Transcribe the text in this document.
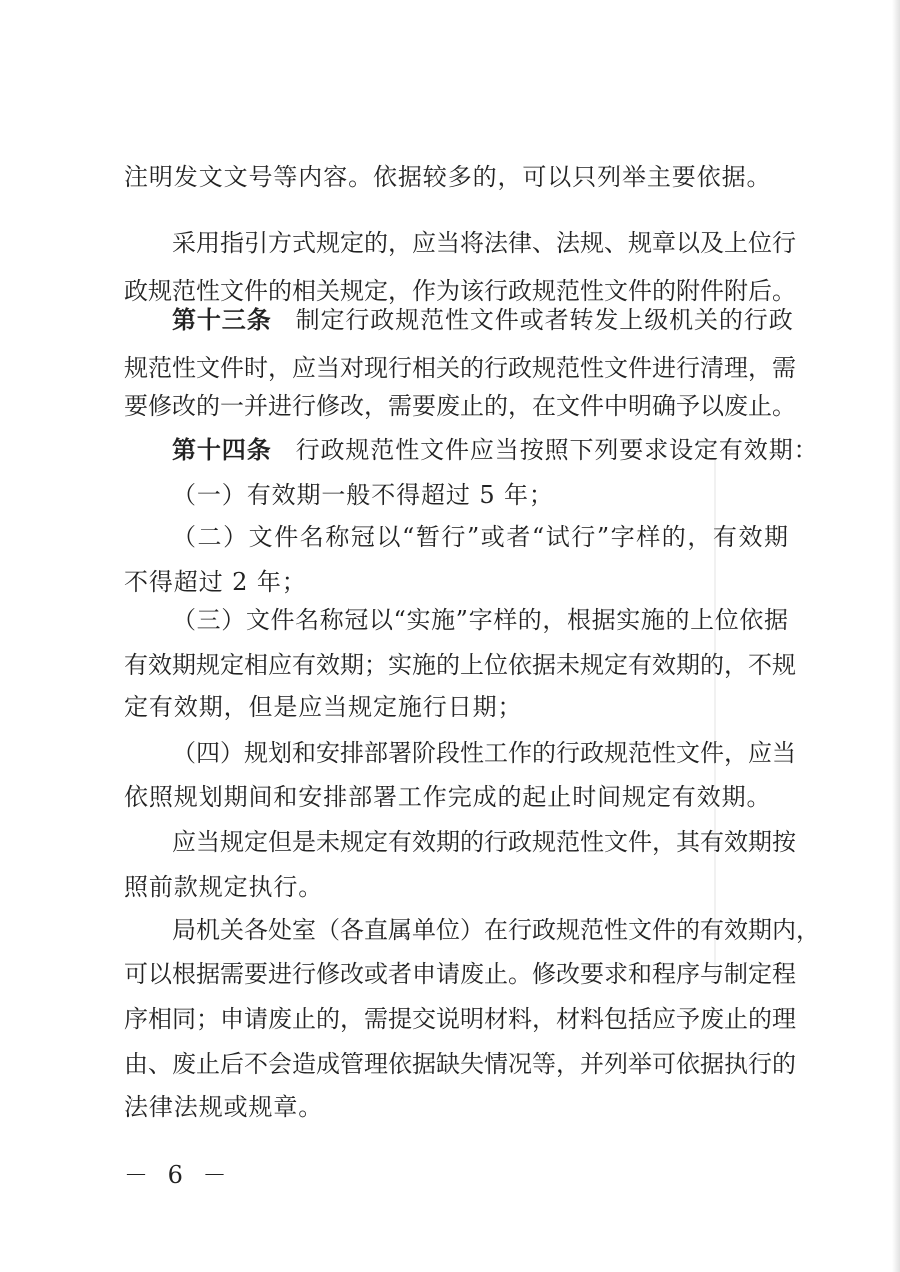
注明发文文号等内容。依据较多的，可以只列举主要依据。
采用指引方式规定的，应当将法律、法规、规章以及上位行
政规范性文件的相关规定，作为该行政规范性文件的附件附后。
第十三条 制定行政规范性文件或者转发上级机关的行政
规范性文件时，应当对现行相关的行政规范性文件进行清理，需
要修改的一并进行修改，需要废止的，在文件中明确予以废止。
第十四条 行政规范性文件应当按照下列要求设定有效期：
（一）有效期一般不得超过 5 年；
（二）文件名称冠以“暂行”或者“试行”字样的，有效期
不得超过 2 年；
（三）文件名称冠以“实施”字样的，根据实施的上位依据
有效期规定相应有效期；实施的上位依据未规定有效期的，不规
定有效期，但是应当规定施行日期；
（四）规划和安排部署阶段性工作的行政规范性文件，应当
依照规划期间和安排部署工作完成的起止时间规定有效期。
应当规定但是未规定有效期的行政规范性文件，其有效期按
照前款规定执行。
局机关各处室（各直属单位）在行政规范性文件的有效期内，
可以根据需要进行修改或者申请废止。修改要求和程序与制定程
序相同；申请废止的，需提交说明材料，材料包括应予废止的理
由、废止后不会造成管理依据缺失情况等，并列举可依据执行的
法律法规或规章。
－ 6 －
